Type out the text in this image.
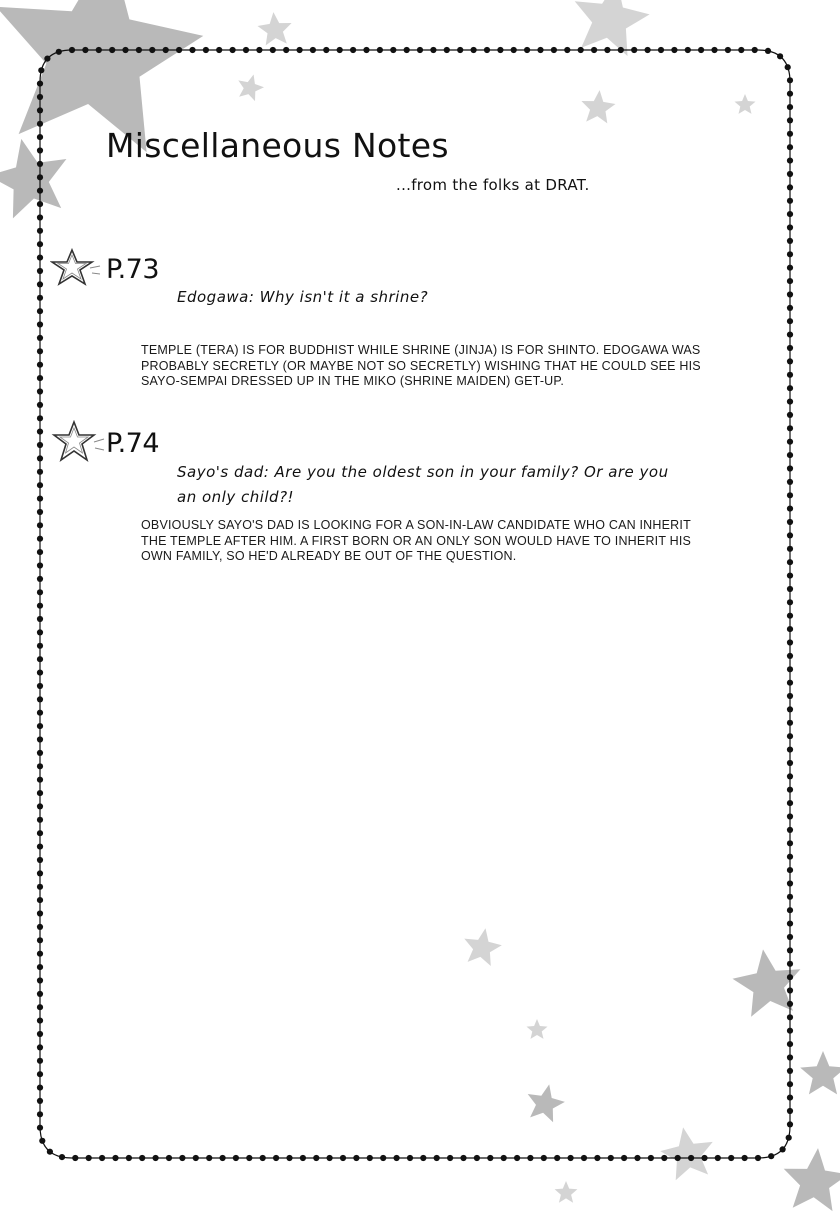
Miscellaneous Notes
...from the folks at DRAT.
P.73
Edogawa: Why isn't it a shrine?
TEMPLE (TERA) IS FOR BUDDHIST WHILE SHRINE (JINJA) IS FOR SHINTO. EDOGAWA WAS
PROBABLY SECRETLY (OR MAYBE NOT SO SECRETLY) WISHING THAT HE COULD SEE HIS
SAYO-SEMPAI DRESSED UP IN THE MIKO (SHRINE MAIDEN) GET-UP.
P.74
Sayo's dad: Are you the oldest son in your family? Or are you
an only child?!
OBVIOUSLY SAYO'S DAD IS LOOKING FOR A SON-IN-LAW CANDIDATE WHO CAN INHERIT
THE TEMPLE AFTER HIM. A FIRST BORN OR AN ONLY SON WOULD HAVE TO INHERIT HIS
OWN FAMILY, SO HE'D ALREADY BE OUT OF THE QUESTION.
